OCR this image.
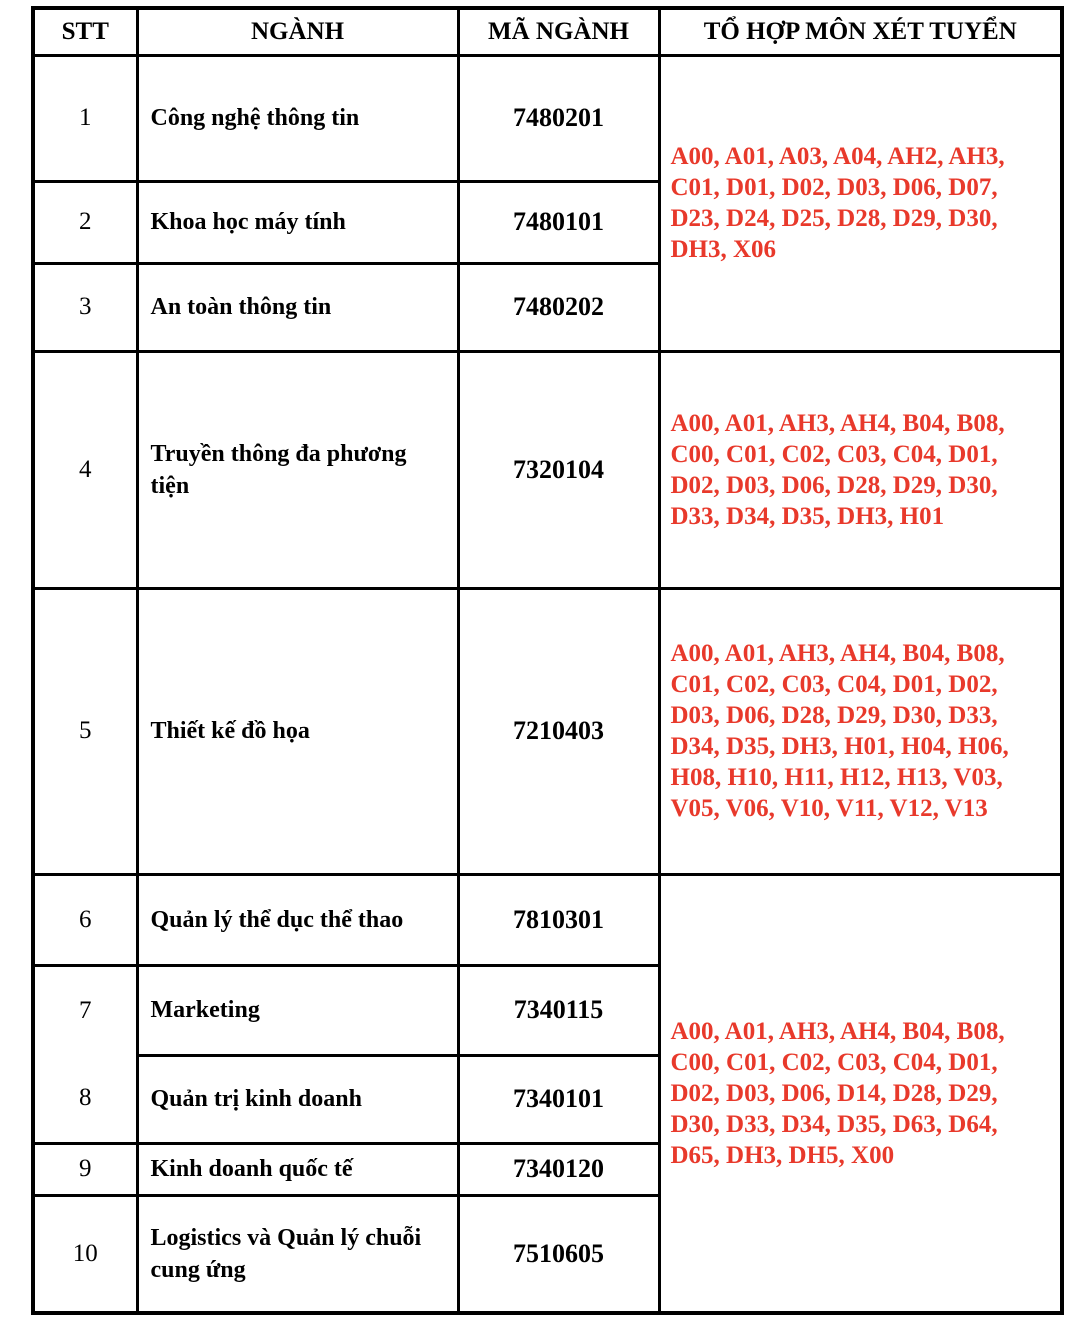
STT	NGÀNH	MÃ NGÀNH	TỔ HỢP MÔN XÉT TUYỂN
1	Công nghệ thông tin	7480201	A00, A01, A03, A04, AH2, AH3, C01, D01, D02, D03, D06, D07, D23, D24, D25, D28, D29, D30, DH3, X06
2	Khoa học máy tính	7480101	
3	An toàn thông tin	7480202	
4	Truyền thông đa phương tiện	7320104	A00, A01, AH3, AH4, B04, B08, C00, C01, C02, C03, C04, D01, D02, D03, D06, D28, D29, D30, D33, D34, D35, DH3, H01
5	Thiết kế đồ họa	7210403	A00, A01, AH3, AH4, B04, B08, C01, C02, C03, C04, D01, D02, D03, D06, D28, D29, D30, D33, D34, D35, DH3, H01, H04, H06, H08, H10, H11, H12, H13, V03, V05, V06, V10, V11, V12, V13
6	Quản lý thể dục thể thao	7810301	A00, A01, AH3, AH4, B04, B08, C00, C01, C02, C03, C04, D01, D02, D03, D06, D14, D28, D29, D30, D33, D34, D35, D63, D64, D65, DH3, DH5, X00
7	Marketing	7340115	
8	Quản trị kinh doanh	7340101	
9	Kinh doanh quốc tế	7340120	
10	Logistics và Quản lý chuỗi cung ứng	7510605	
